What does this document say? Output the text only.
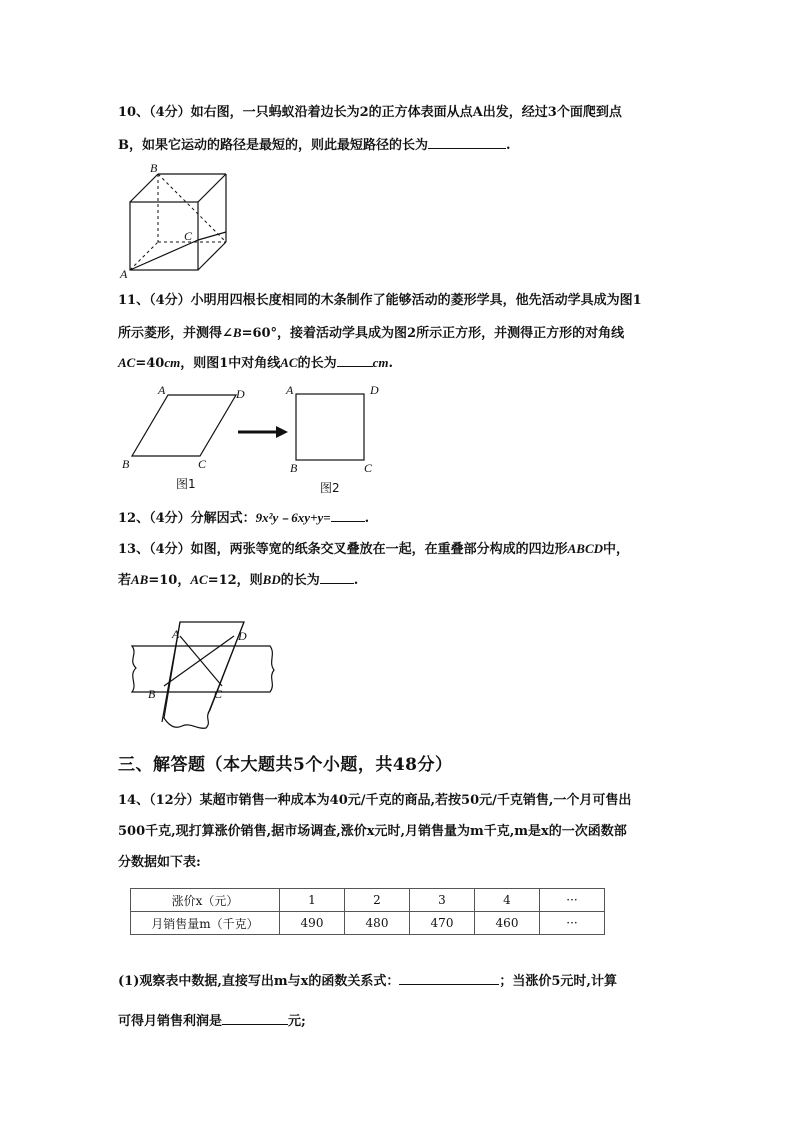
10、（4分）如右图，一只蚂蚁沿着边长为2的正方体表面从点A出发，经过3个面爬到点
B，如果它运动的路径是最短的，则此最短路径的长为	.
B
C
A
11、（4分）小明用四根长度相同的木条制作了能够活动的菱形学具，他先活动学具成为图1
所示菱形，并测得∠B=60°，接着活动学具成为图2所示正方形，并测得正方形的对角线
AC=40cm，则图1中对角线AC的长为	cm.
A	D
B	C
图1
A	D
B	C
图2
12、（4分）分解因式：9x²y﹣6xy+y=	.
13、（4分）如图，两张等宽的纸条交叉叠放在一起，在重叠部分构成的四边形ABCD中，
若AB=10，AC=12，则BD的长为	.
A	D
B	C
三、解答题（本大题共5个小题，共48分）
14、（12分）某超市销售一种成本为40元/千克的商品,若按50元/千克销售,一个月可售出
500千克,现打算涨价销售,据市场调查,涨价x元时,月销售量为m千克,m是x的一次函数部
分数据如下表:
涨价x（元）	1	2	3	4	···
月销售量m（千克）	490	480	470	460	···
(1)观察表中数据,直接写出m与x的函数关系式：	；当涨价5元时,计算
可得月销售利润是	元;
